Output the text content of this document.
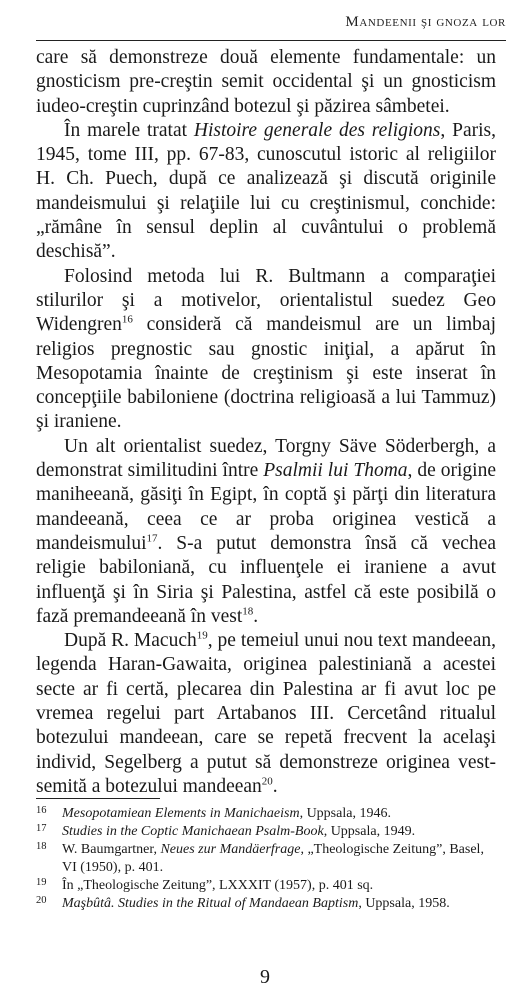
Mandeenii şi gnoza lor

care să demonstreze două elemente fundamentale: un gnosticism pre-creştin semit occidental şi un gnosticism iudeo-creştin cuprinzând botezul şi păzirea sâmbetei.

În marele tratat Histoire generale des religions, Paris, 1945, tome III, pp. 67-83, cunoscutul istoric al religiilor H. Ch. Puech, după ce analizează şi discută originile mandeismului şi relaţiile lui cu creştinismul, conchide: „rămâne în sensul deplin al cuvântului o problemă deschisă”.

Folosind metoda lui R. Bultmann a comparaţiei stilurilor şi a motivelor, orientalistul suedez Geo Widengren$^{16}$ consideră că mandeismul are un limbaj religios pregnostic sau gnostic iniţial, a apărut în Mesopotamia înainte de creştinism şi este inserat în concepţiile babiloniene (doctrina religioasă a lui Tammuz) şi iraniene.

Un alt orientalist suedez, Torgny Säve Söderbergh, a demonstrat similitudini între Psalmii lui Thoma, de origine maniheeană, găsiţi în Egipt, în coptă şi părţi din literatura mandeeană, ceea ce ar proba originea vestică a mandeismului$^{17}$. S-a putut demonstra însă că vechea religie babiloniană, cu influenţele ei iraniene a avut influenţă şi în Siria şi Palestina, astfel că este posibilă o fază premandeeană în vest$^{18}$.

După R. Macuch$^{19}$, pe temeiul unui nou text mandeean, legenda Haran-Gawaita, originea palestiniană a acestei secte ar fi certă, plecarea din Palestina ar fi avut loc pe vremea regelui part Artabanos III. Cercetând ritualul botezului mandeean, care se repetă frecvent la acelaşi individ, Segelberg a putut să demonstreze originea vest-semită a botezului mandeean$^{20}$.

16 Mesopotamiean Elements in Manichaeism, Uppsala, 1946.
17 Studies in the Coptic Manichaean Psalm-Book, Uppsala, 1949.
18 W. Baumgartner, Neues zur Mandäerfrage, „Theologische Zeitung”, Basel, VI (1950), p. 401.
19 În „Theologische Zeitung”, LXXXIT (1957), p. 401 sq.
20 Maşbûtâ. Studies in the Ritual of Mandaean Baptism, Uppsala, 1958.
9
